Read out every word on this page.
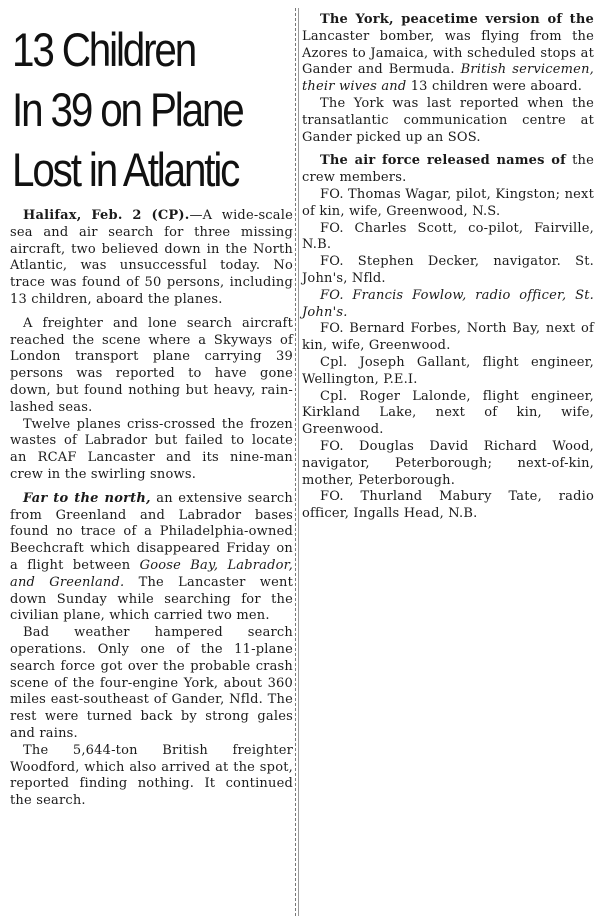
13 Children
In 39 on Plane
Lost in Atlantic

Halifax, Feb. 2 (CP).—A wide-scale sea and air search for three missing aircraft, two believed down in the North Atlantic, was unsuccessful today. No trace was found of 50 persons, including 13 children, aboard the planes.

A freighter and lone search aircraft reached the scene where a Skyways of London transport plane carrying 39 persons was reported to have gone down, but found nothing but heavy, rain-lashed seas.

Twelve planes criss-crossed the frozen wastes of Labrador but failed to locate an RCAF Lancaster and its nine-man crew in the swirling snows.

Far to the north, an extensive search from Greenland and Labrador bases found no trace of a Philadelphia-owned Beechcraft which disappeared Friday on a flight between Goose Bay, Labrador, and Greenland. The Lancaster went down Sunday while searching for the civilian plane, which carried two men.

Bad weather hampered search operations. Only one of the 11-plane search force got over the probable crash scene of the four-engine York, about 360 miles east-southeast of Gander, Nfld. The rest were turned back by strong gales and rains.

The 5,644-ton British freighter Woodford, which also arrived at the spot, reported finding nothing. It continued the search.

The York, peacetime version of the Lancaster bomber, was flying from the Azores to Jamaica, with scheduled stops at Gander and Bermuda. British servicemen, their wives and 13 children were aboard.

The York was last reported when the transatlantic communication centre at Gander picked up an SOS.

The air force released names of the crew members.

FO. Thomas Wagar, pilot, Kingston; next of kin, wife, Greenwood, N.S.

FO. Charles Scott, co-pilot, Fairville, N.B.

FO. Stephen Decker, navigator. St. John's, Nfld.

FO. Francis Fowlow, radio officer, St. John's.

FO. Bernard Forbes, North Bay, next of kin, wife, Greenwood.

Cpl. Joseph Gallant, flight engineer, Wellington, P.E.I.

Cpl. Roger Lalonde, flight engineer, Kirkland Lake, next of kin, wife, Greenwood.

FO. Douglas David Richard Wood, navigator, Peterborough; next-of-kin, mother, Peterborough.

FO. Thurland Mabury Tate, radio officer, Ingalls Head, N.B.
